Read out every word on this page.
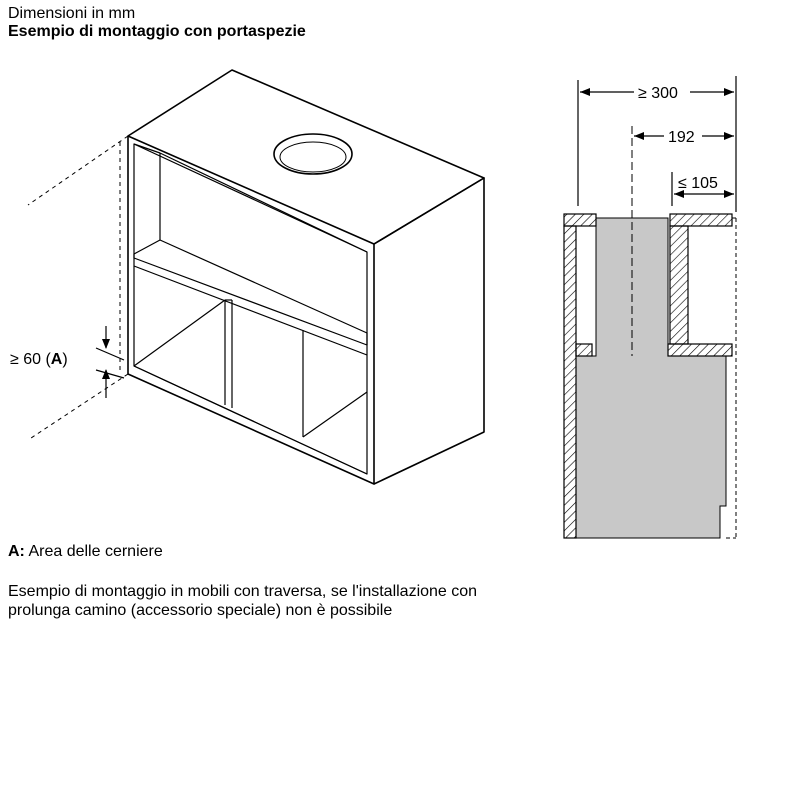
Dimensioni in mm
Esempio di montaggio con portaspezie
≥ 60 (A)
≥ 300
192
≤ 105
A: Area delle cerniere
Esempio di montaggio in mobili con traversa, se l'installazione con prolunga camino (accessorio speciale) non è possibile
